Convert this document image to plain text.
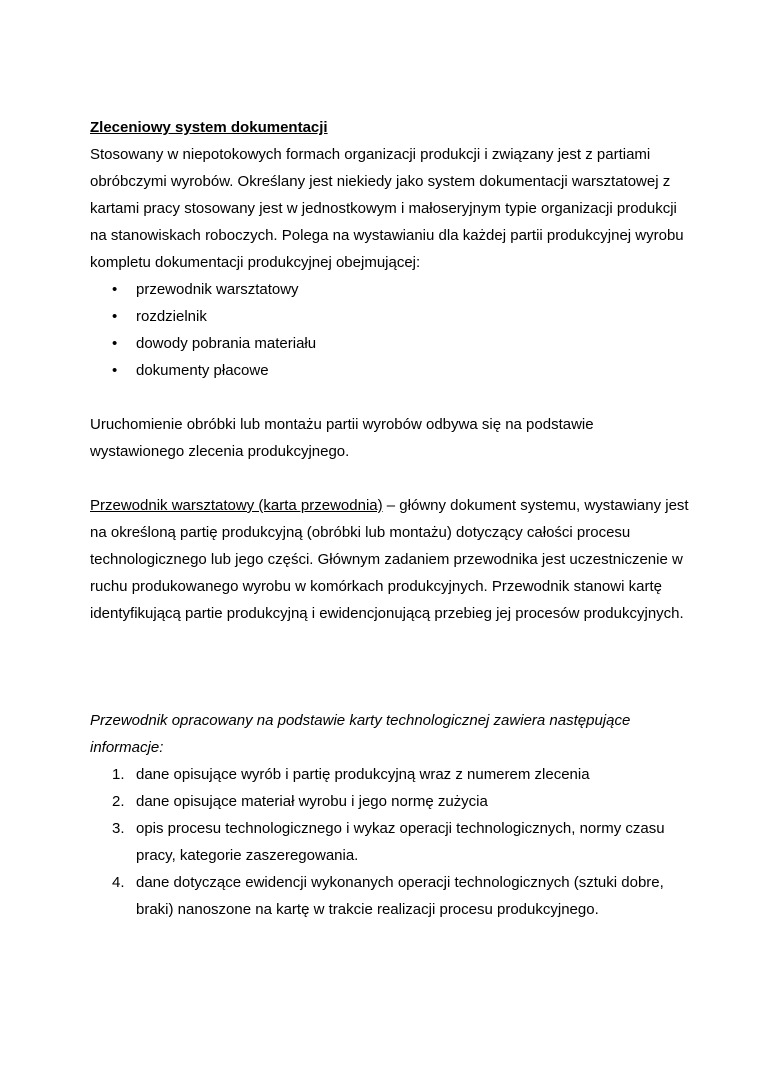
Zleceniowy system dokumentacji

Stosowany w niepotokowych formach organizacji produkcji i związany jest z partiami obróbczymi wyrobów. Określany jest niekiedy jako system dokumentacji warsztatowej z kartami pracy stosowany jest w jednostkowym i małoseryjnym typie organizacji produkcji na stanowiskach roboczych. Polega na wystawianiu dla każdej partii produkcyjnej wyrobu kompletu dokumentacji produkcyjnej obejmującej:

• przewodnik warsztatowy
• rozdzielnik
• dowody pobrania materiału
• dokumenty płacowe

Uruchomienie obróbki lub montażu partii wyrobów odbywa się na podstawie wystawionego zlecenia produkcyjnego.

Przewodnik warsztatowy (karta przewodnia) – główny dokument systemu, wystawiany jest na określoną partię produkcyjną (obróbki lub montażu) dotyczący całości procesu technologicznego lub jego części. Głównym zadaniem przewodnika jest uczestniczenie w ruchu produkowanego wyrobu w komórkach produkcyjnych. Przewodnik stanowi kartę identyfikującą partie produkcyjną i ewidencjonującą przebieg jej procesów produkcyjnych.

Przewodnik opracowany na podstawie karty technologicznej zawiera następujące informacje:

1. dane opisujące wyrób i partię produkcyjną wraz z numerem zlecenia
2. dane opisujące materiał wyrobu i jego normę zużycia
3. opis procesu technologicznego i wykaz operacji technologicznych, normy czasu pracy, kategorie zaszeregowania.
4. dane dotyczące ewidencji wykonanych operacji technologicznych (sztuki dobre, braki) nanoszone na kartę w trakcie realizacji procesu produkcyjnego.
